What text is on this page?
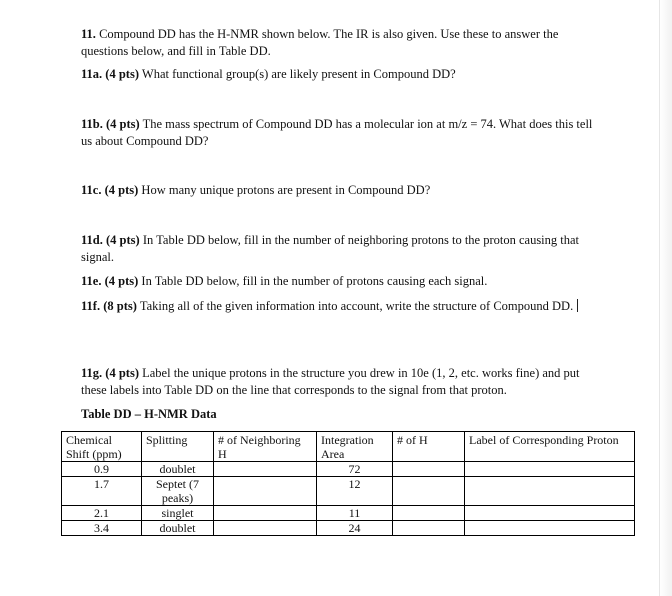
11. Compound DD has the H-NMR shown below. The IR is also given. Use these to answer the questions below, and fill in Table DD.
11a. (4 pts) What functional group(s) are likely present in Compound DD?
11b. (4 pts) The mass spectrum of Compound DD has a molecular ion at m/z = 74. What does this tell us about Compound DD?
11c. (4 pts) How many unique protons are present in Compound DD?
11d. (4 pts) In Table DD below, fill in the number of neighboring protons to the proton causing that signal.
11e. (4 pts) In Table DD below, fill in the number of protons causing each signal.
11f. (8 pts) Taking all of the given information into account, write the structure of Compound DD.
11g. (4 pts) Label the unique protons in the structure you drew in 10e (1, 2, etc. works fine) and put these labels into Table DD on the line that corresponds to the signal from that proton.
Table DD – H-NMR Data
Chemical Shift (ppm)	Splitting	# of Neighboring H	Integration Area	# of H	Label of Corresponding Proton
0.9	doublet		72		
1.7	Septet (7 peaks)		12		
2.1	singlet		11		
3.4	doublet		24		
